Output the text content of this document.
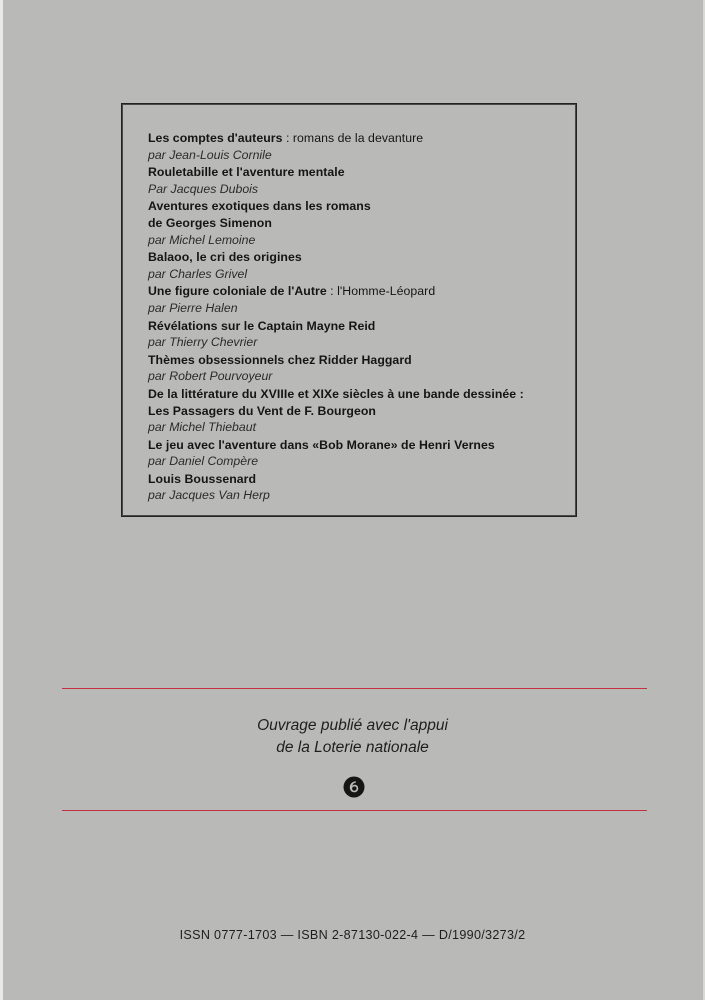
Les comptes d'auteurs : romans de la devanture
par Jean-Louis Cornile
Rouletabille et l'aventure mentale
Par Jacques Dubois
Aventures exotiques dans les romans
de Georges Simenon
par Michel Lemoine
Balaoo, le cri des origines
par Charles Grivel
Une figure coloniale de l'Autre : l'Homme-Léopard
par Pierre Halen
Révélations sur le Captain Mayne Reid
par Thierry Chevrier
Thèmes obsessionnels chez Ridder Haggard
par Robert Pourvoyeur
De la littérature du XVIIIe et XIXe siècles à une bande dessinée :
Les Passagers du Vent de F. Bourgeon
par Michel Thiebaut
Le jeu avec l'aventure dans «Bob Morane» de Henri Vernes
par Daniel Compère
Louis Boussenard
par Jacques Van Herp
Ouvrage publié avec l'appui
de la Loterie nationale
ISSN 0777-1703 — ISBN 2-87130-022-4 — D/1990/3273/2
